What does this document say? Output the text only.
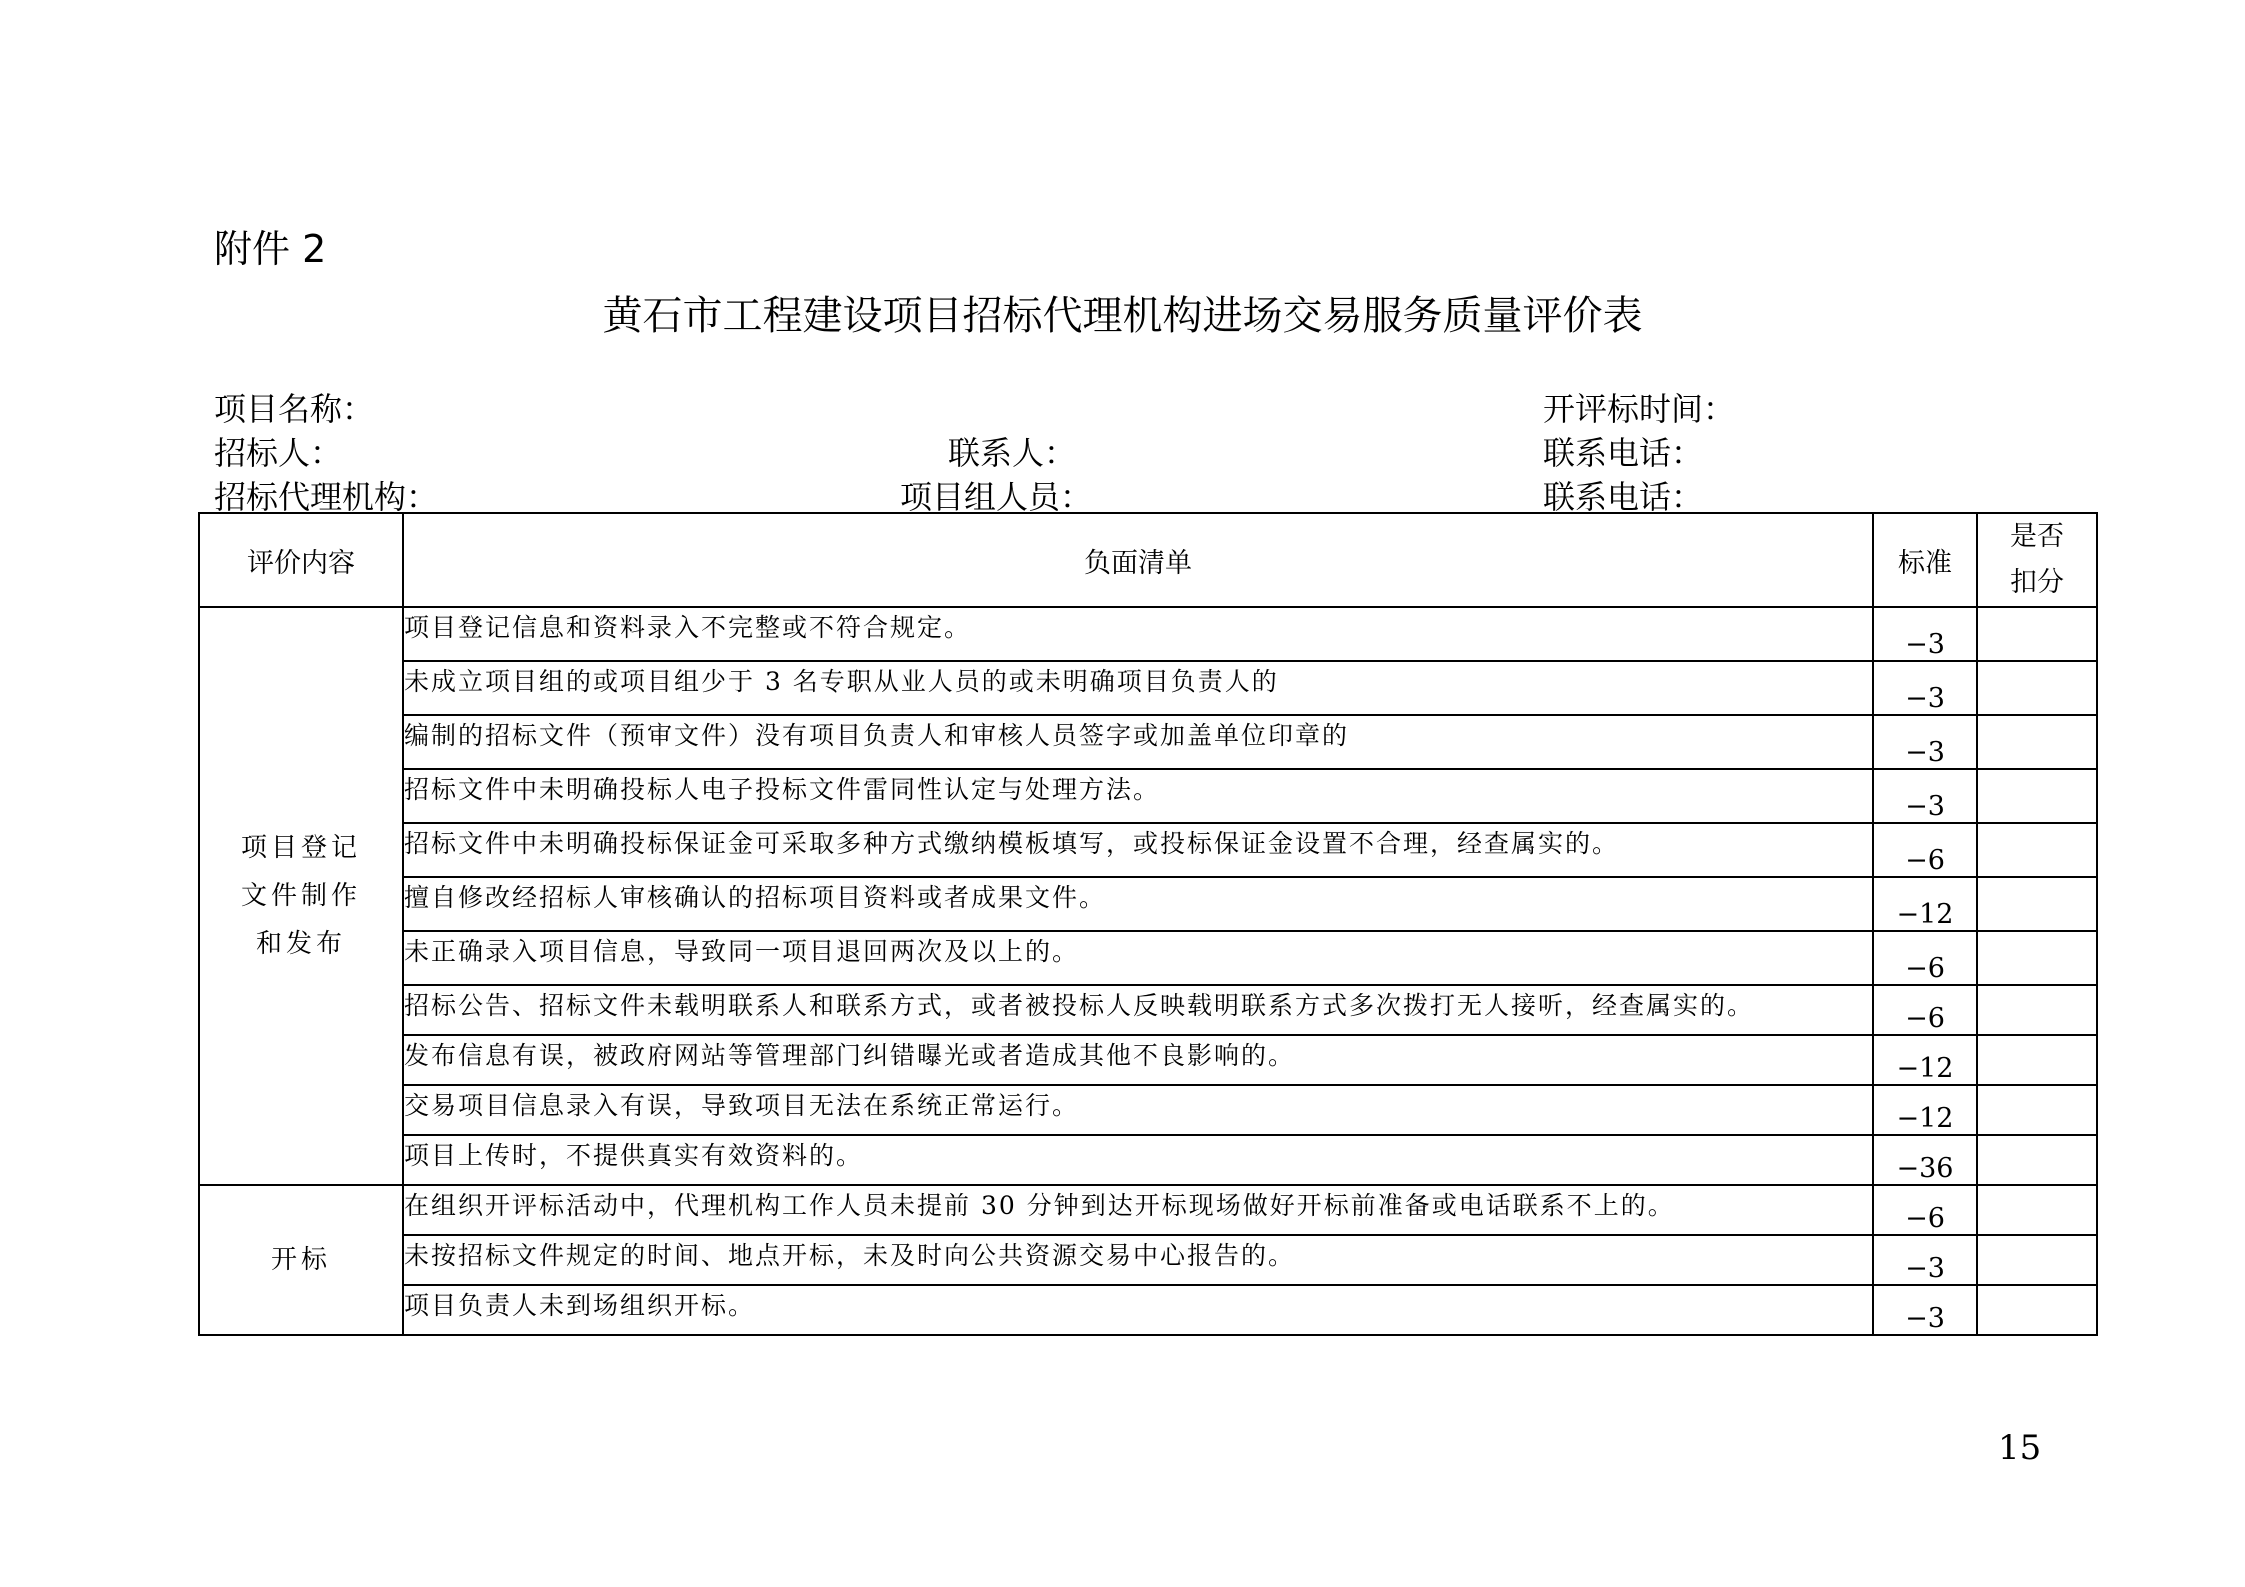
附件 2
黄石市工程建设项目招标代理机构进场交易服务质量评价表
项目名称：	开评标时间：
招标人：	联系人：	联系电话：
招标代理机构：	项目组人员：	联系电话：
评价内容	负面清单	标准	是否
扣分

项目登记
文件制作
和发布	项目登记信息和资料录入不完整或不符合规定。	−3	
	未成立项目组的或项目组少于 3 名专职从业人员的或未明确项目负责人的	−3	
	编制的招标文件（预审文件）没有项目负责人和审核人员签字或加盖单位印章的	−3	
	招标文件中未明确投标人电子投标文件雷同性认定与处理方法。	−3	
	招标文件中未明确投标保证金可采取多种方式缴纳模板填写，或投标保证金设置不合理，经查属实的。	−6	
	擅自修改经招标人审核确认的招标项目资料或者成果文件。	−12	
	未正确录入项目信息，导致同一项目退回两次及以上的。	−6	
	招标公告、招标文件未载明联系人和联系方式，或者被投标人反映载明联系方式多次拨打无人接听，经查属实的。	−6	
	发布信息有误，被政府网站等管理部门纠错曝光或者造成其他不良影响的。	−12	
	交易项目信息录入有误，导致项目无法在系统正常运行。	−12	
	项目上传时，不提供真实有效资料的。	−36	

开标	在组织开评标活动中，代理机构工作人员未提前 30 分钟到达开标现场做好开标前准备或电话联系不上的。	−6	
	未按招标文件规定的时间、地点开标，未及时向公共资源交易中心报告的。	−3	
	项目负责人未到场组织开标。	−3	
15
